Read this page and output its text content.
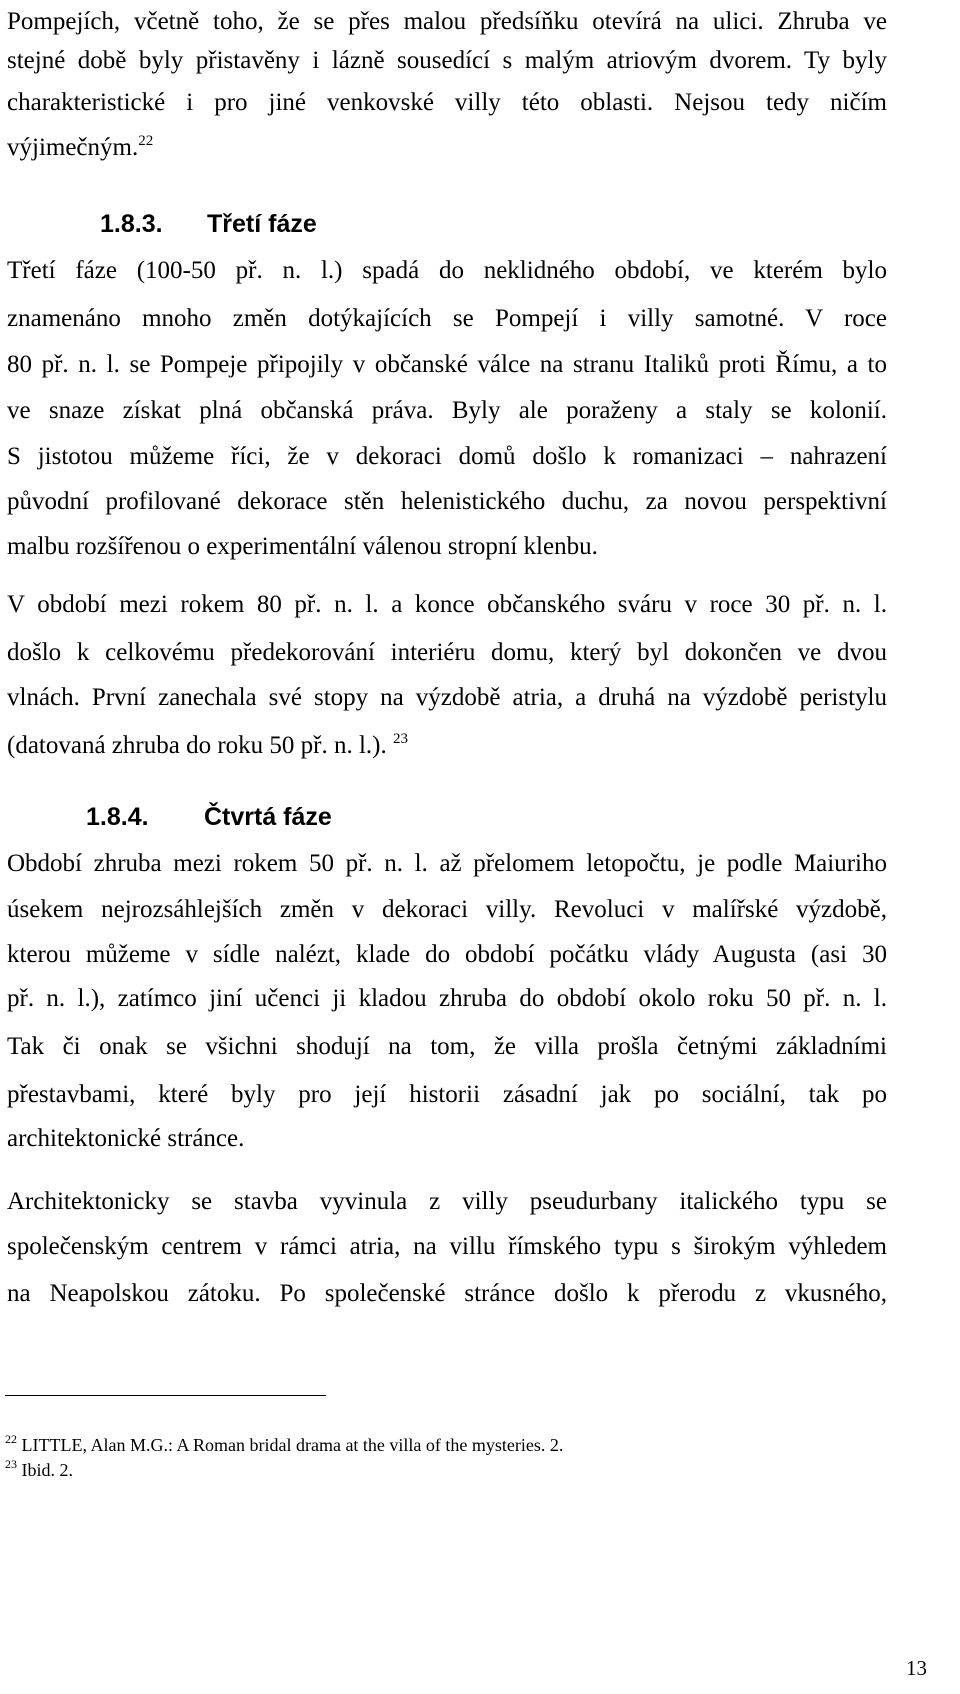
Pompejích, včetně toho, že se přes malou předsíňku otevírá na ulici. Zhruba ve
stejné době byly přistavěny i lázně sousedící s malým atriovým dvorem. Ty byly
charakteristické i pro jiné venkovské villy této oblasti. Nejsou tedy ničím
výjimečným.$^{22}$
1.8.3. Třetí fáze
Třetí fáze (100-50 př. n. l.) spadá do neklidného období, ve kterém bylo
znamenáno mnoho změn dotýkajících se Pompejí i villy samotné. V roce
80 př. n. l. se Pompeje připojily v občanské válce na stranu Italiků proti Římu, a to
ve snaze získat plná občanská práva. Byly ale poraženy a staly se kolonií.
S jistotou můžeme říci, že v dekoraci domů došlo k romanizaci – nahrazení
původní profilované dekorace stěn helenistického duchu, za novou perspektivní
malbu rozšířenou o experimentální válenou stropní klenbu.
V období mezi rokem 80 př. n. l. a konce občanského sváru v roce 30 př. n. l.
došlo k celkovému předekorování interiéru domu, který byl dokončen ve dvou
vlnách. První zanechala své stopy na výzdobě atria, a druhá na výzdobě peristylu
(datovaná zhruba do roku 50 př. n. l.). $^{23}$
1.8.4. Čtvrtá fáze
Období zhruba mezi rokem 50 př. n. l. až přelomem letopočtu, je podle Maiuriho
úsekem nejrozsáhlejších změn v dekoraci villy. Revoluci v malířské výzdobě,
kterou můžeme v sídle nalézt, klade do období počátku vlády Augusta (asi 30
př. n. l.), zatímco jiní učenci ji kladou zhruba do období okolo roku 50 př. n. l.
Tak či onak se všichni shodují na tom, že villa prošla četnými základními
přestavbami, které byly pro její historii zásadní jak po sociální, tak po
architektonické stránce.
Architektonicky se stavba vyvinula z villy pseudurbany italického typu se
společenským centrem v rámci atria, na villu římského typu s širokým výhledem
na Neapolskou zátoku. Po společenské stránce došlo k přerodu z vkusného,
$^{22}$ LITTLE, Alan M.G.: A Roman bridal drama at the villa of the mysteries. 2.
$^{23}$ Ibid. 2.
13
